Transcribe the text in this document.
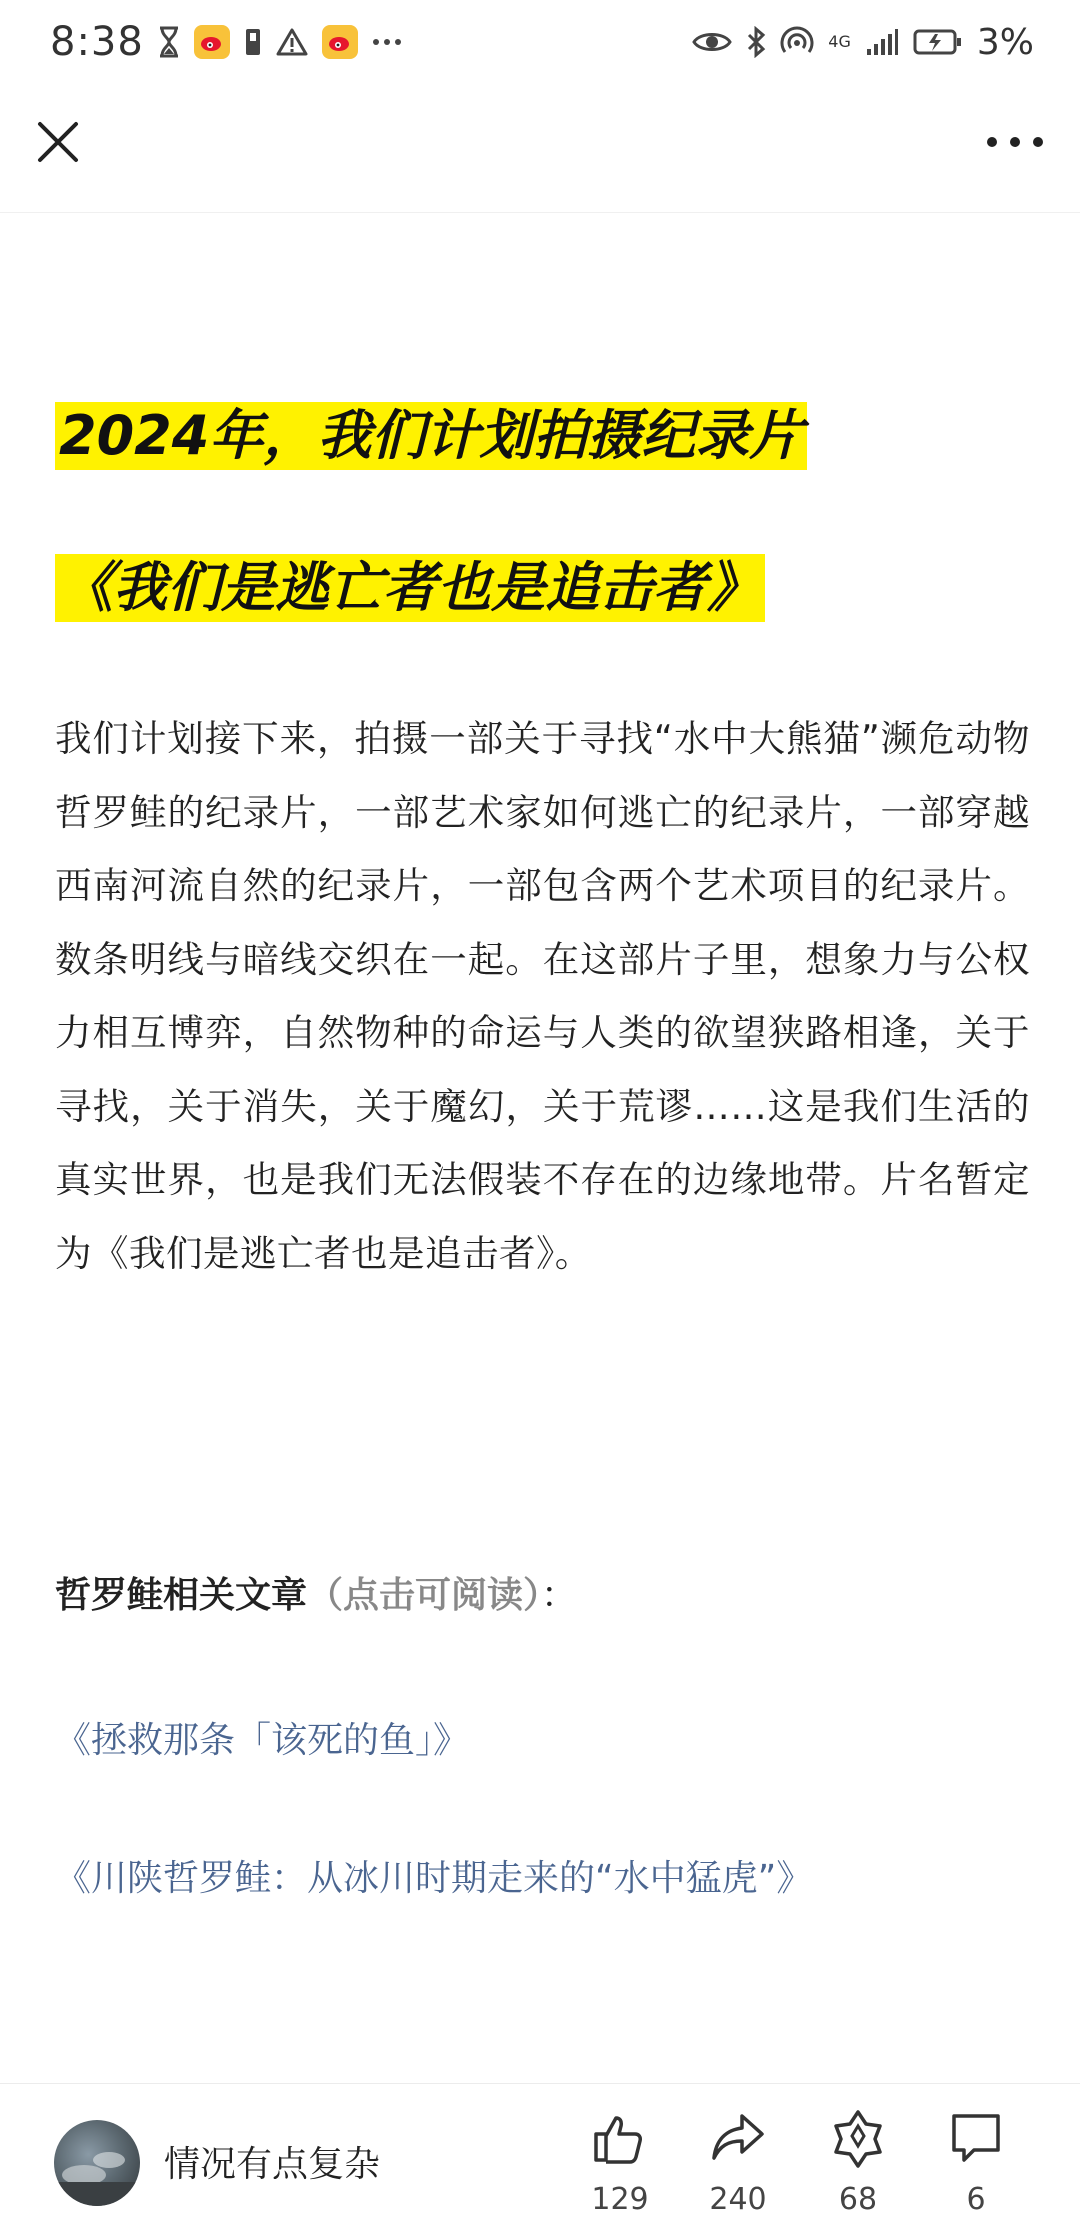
8:38	4G	3%
2024年，我们计划拍摄纪录片
《我们是逃亡者也是追击者》
我们计划接下来，拍摄一部关于寻找“水中大熊猫”濒危动物哲罗鲑的纪录片，一部艺术家如何逃亡的纪录片，一部穿越西南河流自然的纪录片，一部包含两个艺术项目的纪录片。数条明线与暗线交织在一起。在这部片子里，想象力与公权力相互博弈，自然物种的命运与人类的欲望狭路相逢，关于寻找，关于消失，关于魔幻，关于荒谬……这是我们生活的真实世界，也是我们无法假装不存在的边缘地带。片名暂定为《我们是逃亡者也是追击者》。
哲罗鲑相关文章（点击可阅读）：
《拯救那条「该死的鱼」》
《川陕哲罗鲑：从冰川时期走来的“水中猛虎”》
情况有点复杂
129 240 68	6
